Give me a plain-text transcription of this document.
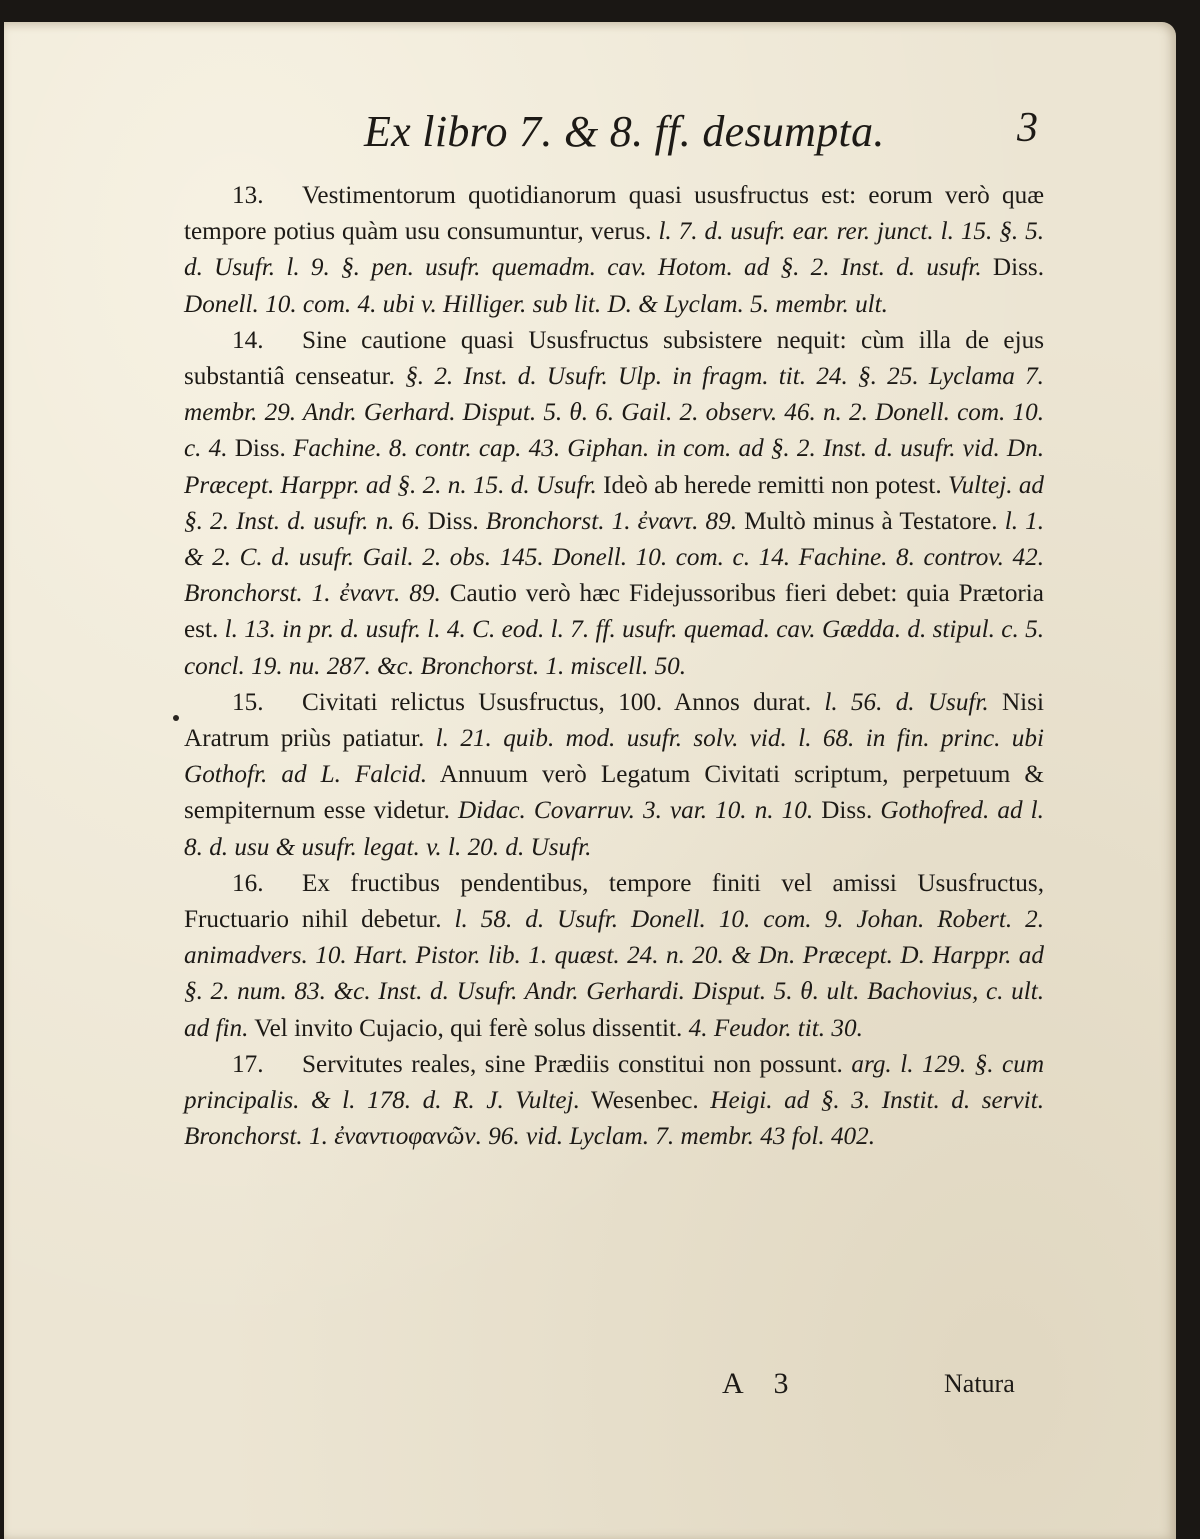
Ex libro 7. & 8. ff. desumpta.	3

13. Vestimentorum quotidianorum quasi ususfructus est: eorum verò quæ tempore potius quàm usu consumuntur, verus. l. 7. d. usufr. ear. rer. junct. l. 15. §. 5. d. Usufr. l. 9. §. pen. usufr. quemadm. cav. Hotom. ad §. 2. Inst. d. usufr. Diss. Donell. 10. com. 4. ubi v. Hilliger. sub lit. D. & Lyclam. 5. membr. ult.

14. Sine cautione quasi Ususfructus subsistere nequit: cùm illa de ejus substantiâ censeatur. §. 2. Inst. d. Usufr. Ulp. in fragm. tit. 24. §. 25. Lyclama 7. membr. 29. Andr. Gerhard. Disput. 5. θ. 6. Gail. 2. observ. 46. n. 2. Donell. com. 10. c. 4. Diss. Fachine. 8. contr. cap. 43. Giphan. in com. ad §. 2. Inst. d. usufr. vid. Dn. Præcept. Harppr. ad §. 2. n. 15. d. Usufr. Ideò ab herede remitti non potest. Vultej. ad §. 2. Inst. d. usufr. n. 6. Diss. Bronchorst. 1. ἐναντ. 89. Multò minus à Testatore. l. 1. & 2. C. d. usufr. Gail. 2. obs. 145. Donell. 10. com. c. 14. Fachine. 8. controv. 42. Bronchorst. 1. ἐναντ. 89. Cautio verò hæc Fidejussoribus fieri debet: quia Prætoria est. l. 13. in pr. d. usufr. l. 4. C. eod. l. 7. ff. usufr. quemad. cav. Gædda. d. stipul. c. 5. concl. 19. nu. 287. &c. Bronchorst. 1. miscell. 50.

15. Civitati relictus Ususfructus, 100. Annos durat. l. 56. d. Usufr. Nisi Aratrum priùs patiatur. l. 21. quib. mod. usufr. solv. vid. l. 68. in fin. princ. ubi Gothofr. ad L. Falcid. Annuum verò Legatum Civitati scriptum, perpetuum & sempiternum esse videtur. Didac. Covarruv. 3. var. 10. n. 10. Diss. Gothofred. ad l. 8. d. usu & usufr. legat. v. l. 20. d. Usufr.

16. Ex fructibus pendentibus, tempore finiti vel amissi Ususfructus, Fructuario nihil debetur. l. 58. d. Usufr. Donell. 10. com. 9. Johan. Robert. 2. animadvers. 10. Hart. Pistor. lib. 1. quæst. 24. n. 20. & Dn. Præcept. D. Harppr. ad §. 2. num. 83. &c. Inst. d. Usufr. Andr. Gerhardi. Disput. 5. θ. ult. Bachovius, c. ult. ad fin. Vel invito Cujacio, qui ferè solus dissentit. 4. Feudor. tit. 30.

17. Servitutes reales, sine Prædiis constitui non possunt. arg. l. 129. §. cum principalis. & l. 178. d. R. J. Vultej. Wesenbec. Heigi. ad §. 3. Instit. d. servit. Bronchorst. 1. ἐναντιοφανῶν. 96. vid. Lyclam. 7. membr. 43 fol. 402.

A 3	Natura
